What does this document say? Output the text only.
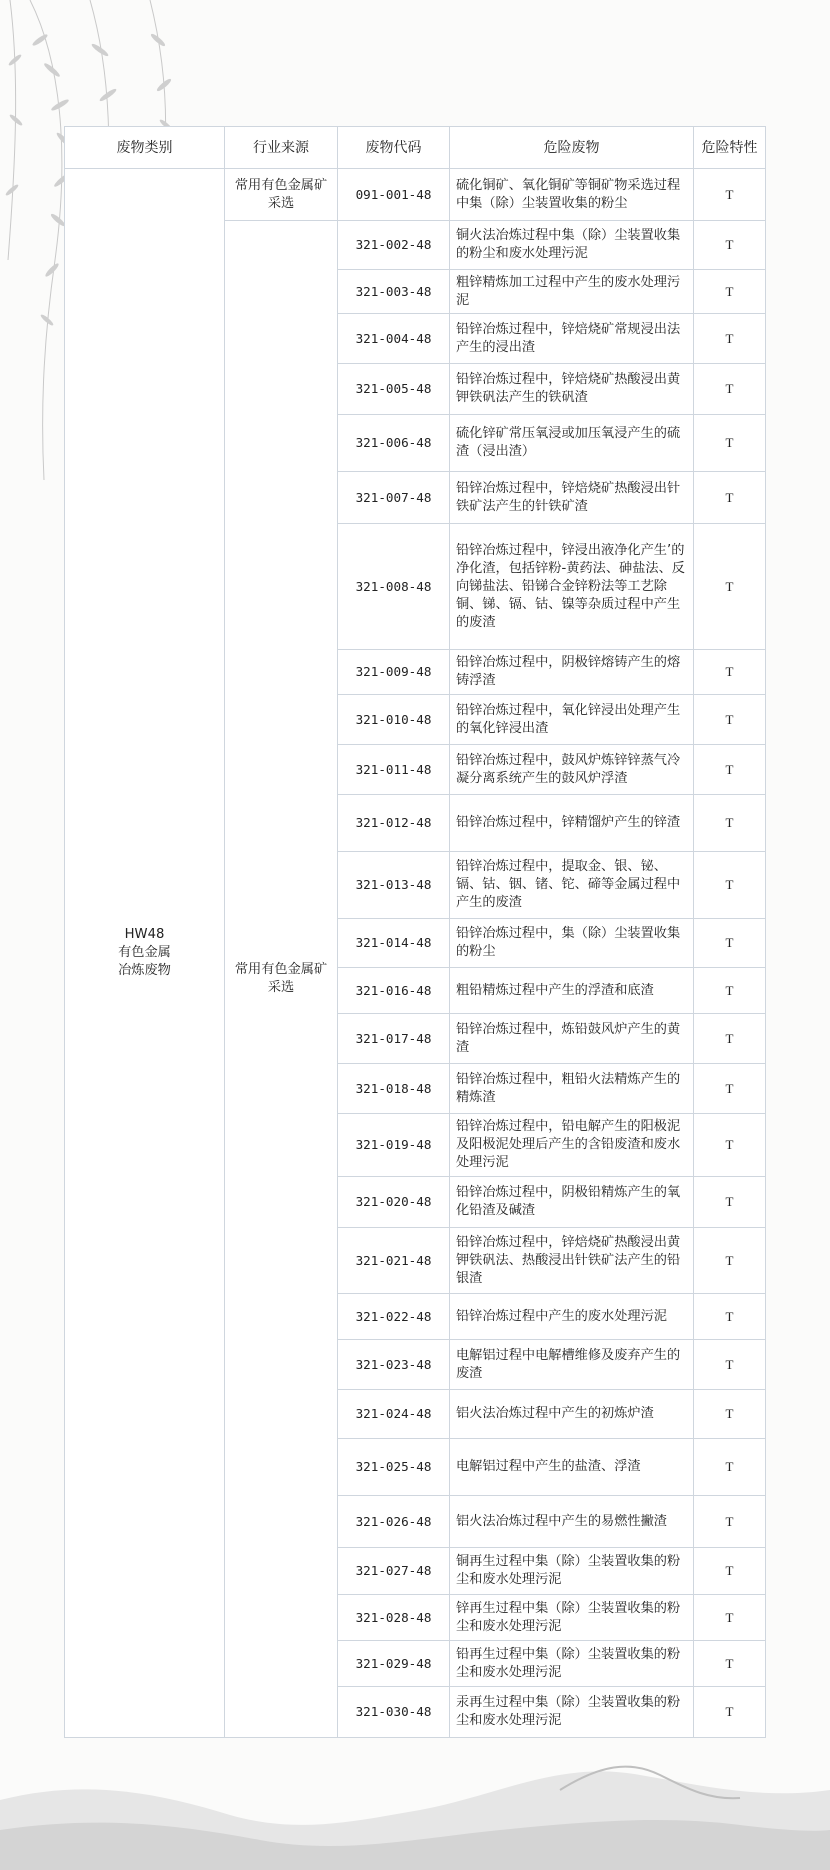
废物类别	行业来源	废物代码	危险废物	危险特性

HW48
有色金属
冶炼废物	常用有色金属矿采选	091-001-48	硫化铜矿、氧化铜矿等铜矿物采选过程中集（除）尘装置收集的粉尘	T
	常用有色金属矿采选	321-002-48	铜火法冶炼过程中集（除）尘装置收集的粉尘和废水处理污泥	T
		321-003-48	粗锌精炼加工过程中产生的废水处理污泥	T
		321-004-48	铅锌冶炼过程中，锌焙烧矿常规浸出法产生的浸出渣	T
		321-005-48	铅锌冶炼过程中，锌焙烧矿热酸浸出黄钾铁矾法产生的铁矾渣	T
		321-006-48	硫化锌矿常压氧浸或加压氧浸产生的硫渣（浸出渣）	T
		321-007-48	铅锌冶炼过程中，锌焙烧矿热酸浸出针铁矿法产生的针铁矿渣	T
		321-008-48	铅锌冶炼过程中，锌浸出液净化产生’的净化渣，包括锌粉-黄药法、砷盐法、反向锑盐法、铅锑合金锌粉法等工艺除铜、锑、镉、钴、镍等杂质过程中产生的废渣	T
		321-009-48	铅锌冶炼过程中，阴极锌熔铸产生的熔铸浮渣	T
		321-010-48	铅锌冶炼过程中，氧化锌浸出处理产生的氧化锌浸出渣	T
		321-011-48	铅锌冶炼过程中，鼓风炉炼锌锌蒸气冷凝分离系统产生的鼓风炉浮渣	T
		321-012-48	铅锌冶炼过程中，锌精馏炉产生的锌渣	T
		321-013-48	铅锌冶炼过程中，提取金、银、铋、镉、钴、铟、锗、铊、碲等金属过程中产生的废渣	T
		321-014-48	铅锌冶炼过程中，集（除）尘装置收集的粉尘	T
		321-016-48	粗铅精炼过程中产生的浮渣和底渣	T
		321-017-48	铅锌冶炼过程中，炼铅鼓风炉产生的黄渣	T
		321-018-48	铅锌冶炼过程中，粗铅火法精炼产生的精炼渣	T
		321-019-48	铅锌冶炼过程中，铅电解产生的阳极泥及阳极泥处理后产生的含铅废渣和废水处理污泥	T
		321-020-48	铅锌冶炼过程中，阴极铅精炼产生的氧化铅渣及碱渣	T
		321-021-48	铅锌冶炼过程中，锌焙烧矿热酸浸出黄钾铁矾法、热酸浸出针铁矿法产生的铅银渣	T
		321-022-48	铅锌冶炼过程中产生的废水处理污泥	T
		321-023-48	电解铝过程中电解槽维修及废弃产生的废渣	T
		321-024-48	铝火法冶炼过程中产生的初炼炉渣	T
		321-025-48	电解铝过程中产生的盐渣、浮渣	T
		321-026-48	铝火法冶炼过程中产生的易燃性撇渣	T
		321-027-48	铜再生过程中集（除）尘装置收集的粉尘和废水处理污泥	T
		321-028-48	锌再生过程中集（除）尘装置收集的粉尘和废水处理污泥	T
		321-029-48	铅再生过程中集（除）尘装置收集的粉尘和废水处理污泥	T
		321-030-48	汞再生过程中集（除）尘装置收集的粉尘和废水处理污泥	T
